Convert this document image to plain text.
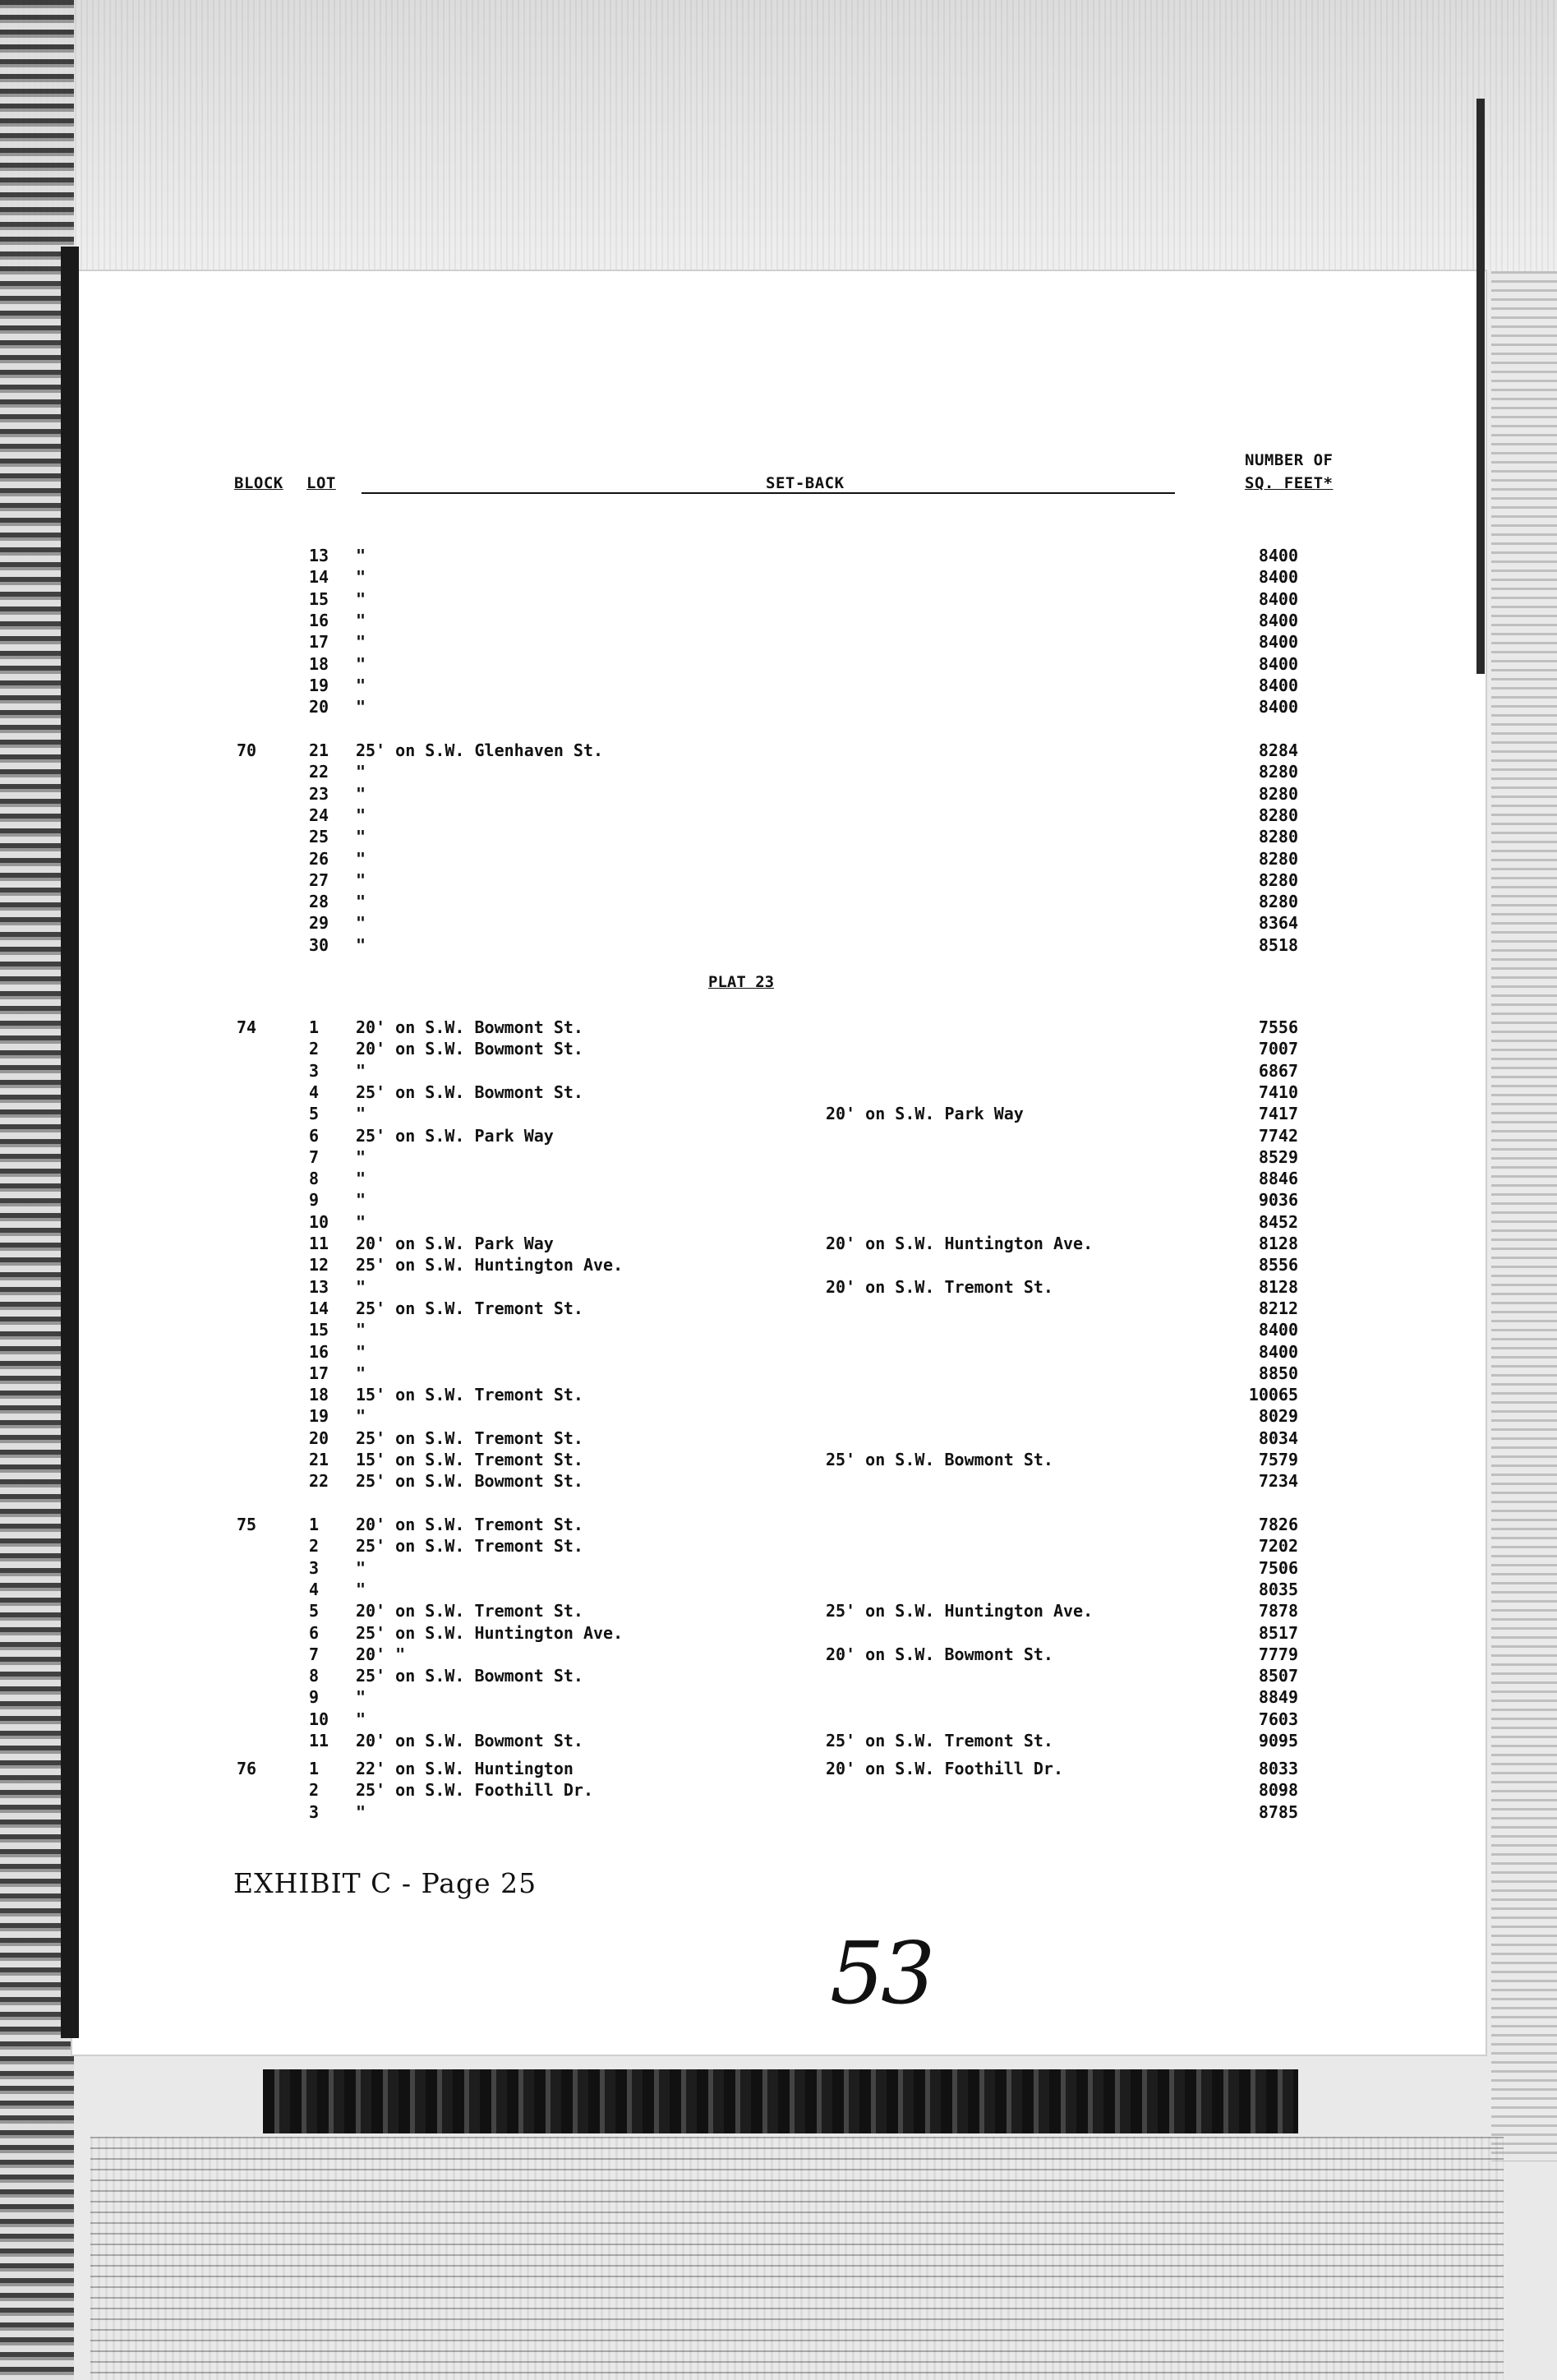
BLOCK LOT	SET-BACK
NUMBER OF
SQ. FEET*
13 "	8400
14 "	8400
15 "	8400
16 "	8400
17 "	8400
18 "	8400
19 "	8400
20 "	8400
70	21 25' on S.W. Glenhaven St.	8284
22 "	8280
23 "	8280
24 "	8280
25 "	8280
26 "	8280
27 "	8280
28 "	8280
29 "	8364
30 "	8518
74	1 20' on S.W. Bowmont St.	7556
2 20' on S.W. Bowmont St.	7007
3 "	6867
4 25' on S.W. Bowmont St.	7410
5 "	20' on S.W. Park Way	7417
6 25' on S.W. Park Way	7742
7 "	8529
8 "	8846
9 "	9036
10 "	8452
11 20' on S.W. Park Way	20' on S.W. Huntington Ave.	8128
12 25' on S.W. Huntington Ave.	8556
13 "	20' on S.W. Tremont St.	8128
14 25' on S.W. Tremont St.	8212
15 "	8400
16 "	8400
17 "	8850
18 15' on S.W. Tremont St.	10065
19 "	8029
20 25' on S.W. Tremont St.	8034
21 15' on S.W. Tremont St.	25' on S.W. Bowmont St.	7579
22 25' on S.W. Bowmont St.	7234
75	1 20' on S.W. Tremont St.	7826
2 25' on S.W. Tremont St.	7202
3 "	7506
4 "	8035
5 20' on S.W. Tremont St.	25' on S.W. Huntington Ave.	7878
6 25' on S.W. Huntington Ave.	8517
7 20' "	20' on S.W. Bowmont St.	7779
8 25' on S.W. Bowmont St.	8507
9 "	8849
10 "	7603
11 20' on S.W. Bowmont St.	25' on S.W. Tremont St.	9095
76	1 22' on S.W. Huntington	20' on S.W. Foothill Dr.	8033
2 25' on S.W. Foothill Dr.	8098
3 "	8785
PLAT 23
EXHIBIT C - Page 25
53
